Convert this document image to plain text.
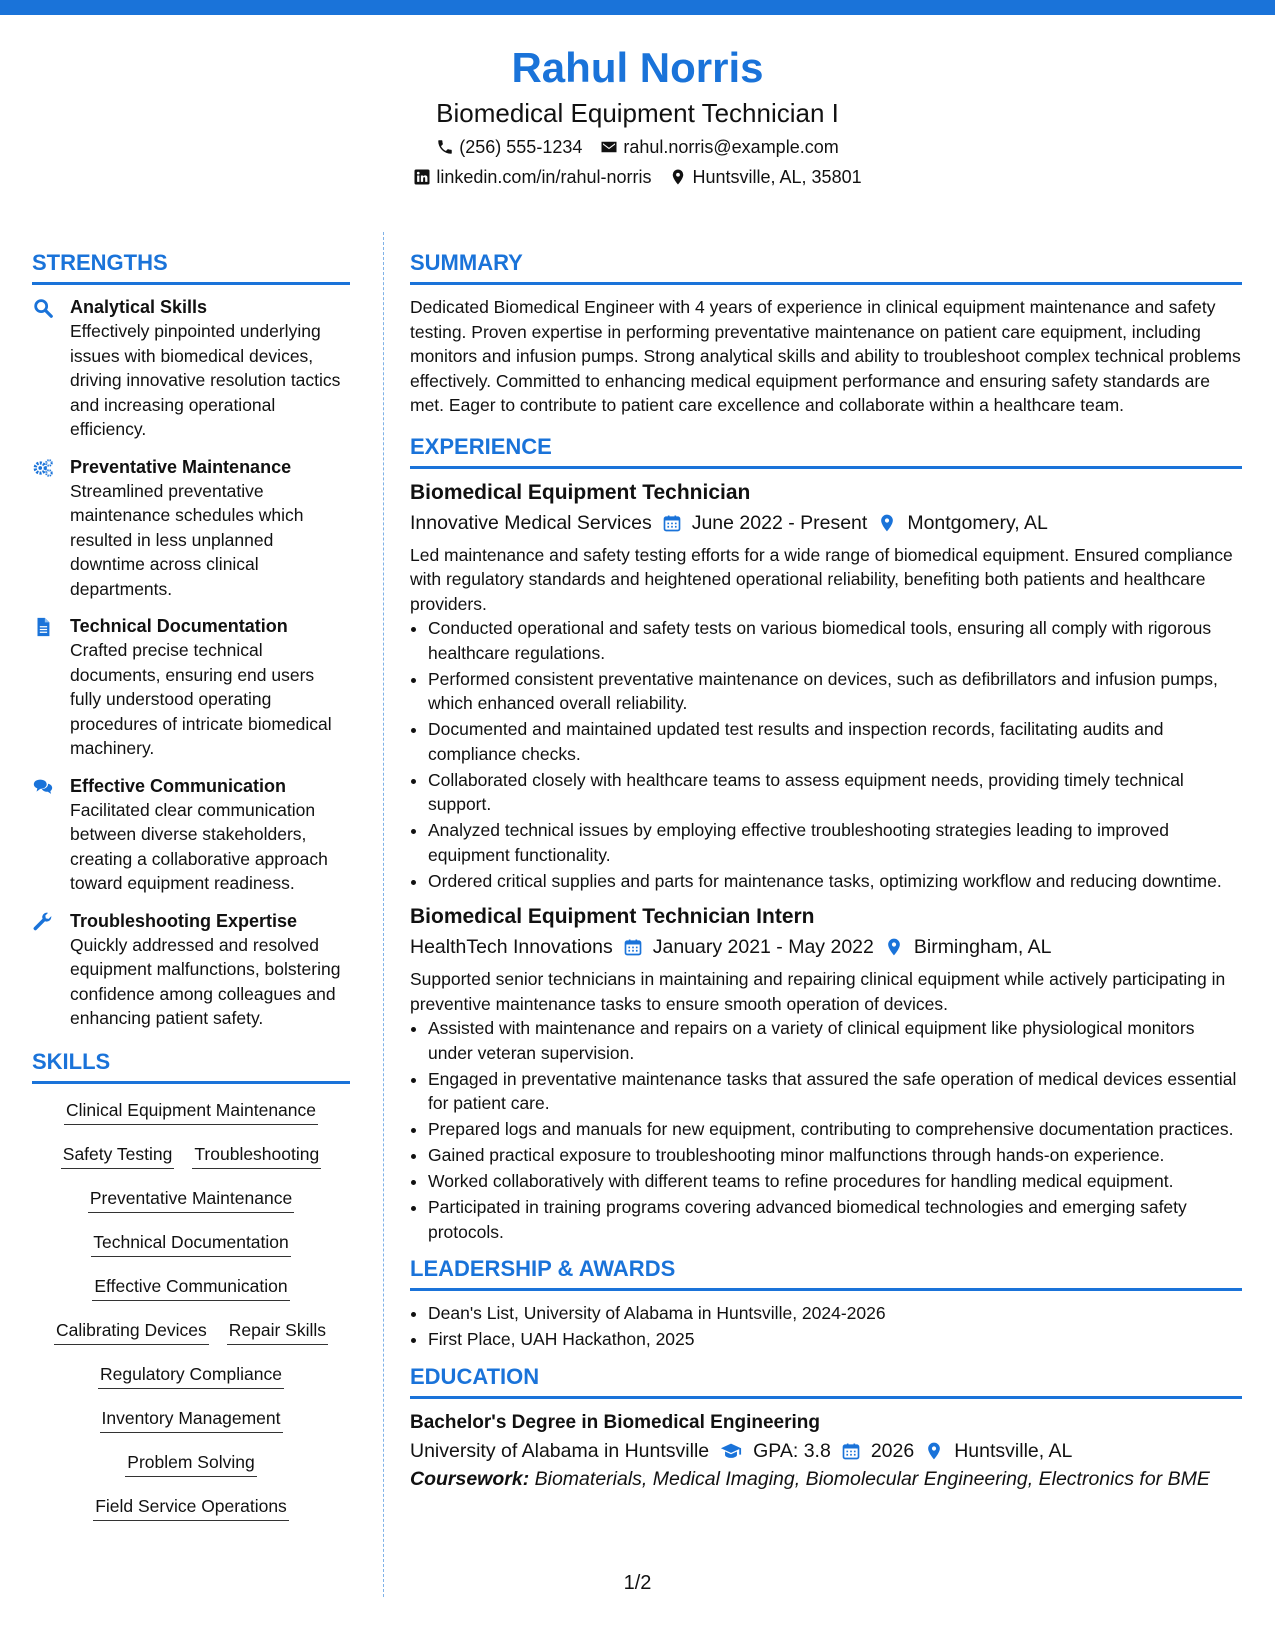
Rahul Norris
Biomedical Equipment Technician I
(256) 555-1234 rahul.norris@example.com
linkedin.com/in/rahul-norris Huntsville, AL, 35801
STRENGTHS
Analytical Skills
Effectively pinpointed underlying issues with biomedical devices, driving innovative resolution tactics and increasing operational efficiency.
Preventative Maintenance
Streamlined preventative maintenance schedules which resulted in less unplanned downtime across clinical departments.
Technical Documentation
Crafted precise technical documents, ensuring end users fully understood operating procedures of intricate biomedical machinery.
Effective Communication
Facilitated clear communication between diverse stakeholders, creating a collaborative approach toward equipment readiness.
Troubleshooting Expertise
Quickly addressed and resolved equipment malfunctions, bolstering confidence among colleagues and enhancing patient safety.
SKILLS
Clinical Equipment Maintenance
Safety Testing Troubleshooting
Preventative Maintenance
Technical Documentation
Effective Communication
Calibrating Devices Repair Skills
Regulatory Compliance
Inventory Management
Problem Solving
Field Service Operations
SUMMARY
Dedicated Biomedical Engineer with 4 years of experience in clinical equipment maintenance and safety testing. Proven expertise in performing preventative maintenance on patient care equipment, including monitors and infusion pumps. Strong analytical skills and ability to troubleshoot complex technical problems effectively. Committed to enhancing medical equipment performance and ensuring safety standards are met. Eager to contribute to patient care excellence and collaborate within a healthcare team.
EXPERIENCE
Biomedical Equipment Technician
Innovative Medical Services June 2022 - Present Montgomery, AL
Led maintenance and safety testing efforts for a wide range of biomedical equipment. Ensured compliance with regulatory standards and heightened operational reliability, benefiting both patients and healthcare providers.
• Conducted operational and safety tests on various biomedical tools, ensuring all comply with rigorous healthcare regulations.
• Performed consistent preventative maintenance on devices, such as defibrillators and infusion pumps, which enhanced overall reliability.
• Documented and maintained updated test results and inspection records, facilitating audits and compliance checks.
• Collaborated closely with healthcare teams to assess equipment needs, providing timely technical support.
• Analyzed technical issues by employing effective troubleshooting strategies leading to improved equipment functionality.
• Ordered critical supplies and parts for maintenance tasks, optimizing workflow and reducing downtime.
Biomedical Equipment Technician Intern
HealthTech Innovations January 2021 - May 2022 Birmingham, AL
Supported senior technicians in maintaining and repairing clinical equipment while actively participating in preventive maintenance tasks to ensure smooth operation of devices.
• Assisted with maintenance and repairs on a variety of clinical equipment like physiological monitors under veteran supervision.
• Engaged in preventative maintenance tasks that assured the safe operation of medical devices essential for patient care.
• Prepared logs and manuals for new equipment, contributing to comprehensive documentation practices.
• Gained practical exposure to troubleshooting minor malfunctions through hands-on experience.
• Worked collaboratively with different teams to refine procedures for handling medical equipment.
• Participated in training programs covering advanced biomedical technologies and emerging safety protocols.
LEADERSHIP & AWARDS
• Dean's List, University of Alabama in Huntsville, 2024-2026
• First Place, UAH Hackathon, 2025
EDUCATION
Bachelor's Degree in Biomedical Engineering
University of Alabama in Huntsville GPA: 3.8 2026 Huntsville, AL
Coursework: Biomaterials, Medical Imaging, Biomolecular Engineering, Electronics for BME
1/2
